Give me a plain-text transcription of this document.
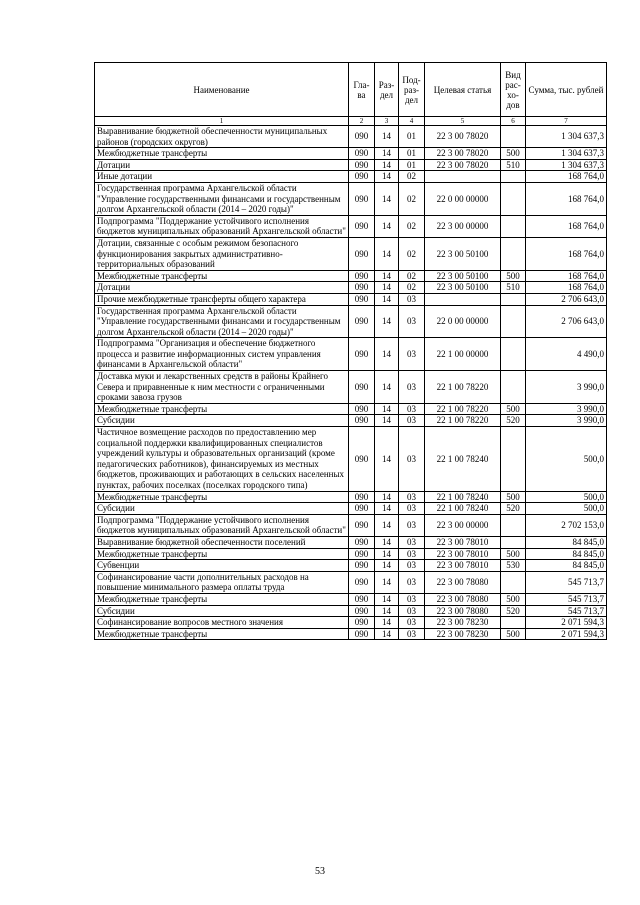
Наименование	Гла-ва	Раз-дел	Под-раз-дел	Целевая статья	Вид рас-хо-дов	Сумма, тыс. рублей
1	2	3	4	5	6	7
Выравнивание бюджетной обеспеченности муниципальных районов (городских округов)	090	14	01	22 3 00 78020		1 304 637,3
Межбюджетные трансферты	090	14	01	22 3 00 78020	500	1 304 637,3
Дотации	090	14	01	22 3 00 78020	510	1 304 637,3
Иные дотации	090	14	02			168 764,0
Государственная программа Архангельской области "Управление государственными финансами и государственным долгом Архангельской области (2014 – 2020 годы)"	090	14	02	22 0 00 00000		168 764,0
Подпрограмма "Поддержание устойчивого исполнения бюджетов муниципальных образований Архангельской области"	090	14	02	22 3 00 00000		168 764,0
Дотации, связанные с особым режимом безопасного функционирования закрытых административно-территориальных образований	090	14	02	22 3 00 50100		168 764,0
Межбюджетные трансферты	090	14	02	22 3 00 50100	500	168 764,0
Дотации	090	14	02	22 3 00 50100	510	168 764,0
Прочие межбюджетные трансферты общего характера	090	14	03			2 706 643,0
Государственная программа Архангельской области "Управление государственными финансами и государственным долгом Архангельской области (2014 – 2020 годы)"	090	14	03	22 0 00 00000		2 706 643,0
Подпрограмма "Организация и обеспечение бюджетного процесса и развитие информационных систем управления финансами в Архангельской области"	090	14	03	22 1 00 00000		4 490,0
Доставка муки и лекарственных средств в районы Крайнего Севера и приравненные к ним местности с ограниченными сроками завоза грузов	090	14	03	22 1 00 78220		3 990,0
Межбюджетные трансферты	090	14	03	22 1 00 78220	500	3 990,0
Субсидии	090	14	03	22 1 00 78220	520	3 990,0
Частичное возмещение расходов по предоставлению мер социальной поддержки квалифицированных специалистов учреждений культуры и образовательных организаций (кроме педагогических работников), финансируемых из местных бюджетов, проживающих и работающих в сельских населенных пунктах, рабочих поселках (поселках городского типа)	090	14	03	22 1 00 78240		500,0
Межбюджетные трансферты	090	14	03	22 1 00 78240	500	500,0
Субсидии	090	14	03	22 1 00 78240	520	500,0
Подпрограмма "Поддержание устойчивого исполнения бюджетов муниципальных образований Архангельской области"	090	14	03	22 3 00 00000		2 702 153,0
Выравнивание бюджетной обеспеченности поселений	090	14	03	22 3 00 78010		84 845,0
Межбюджетные трансферты	090	14	03	22 3 00 78010	500	84 845,0
Субвенции	090	14	03	22 3 00 78010	530	84 845,0
Софинансирование части дополнительных расходов на повышение минимального размера оплаты труда	090	14	03	22 3 00 78080		545 713,7
Межбюджетные трансферты	090	14	03	22 3 00 78080	500	545 713,7
Субсидии	090	14	03	22 3 00 78080	520	545 713,7
Софинансирование вопросов местного значения	090	14	03	22 3 00 78230		2 071 594,3
Межбюджетные трансферты	090	14	03	22 3 00 78230	500	2 071 594,3
53
